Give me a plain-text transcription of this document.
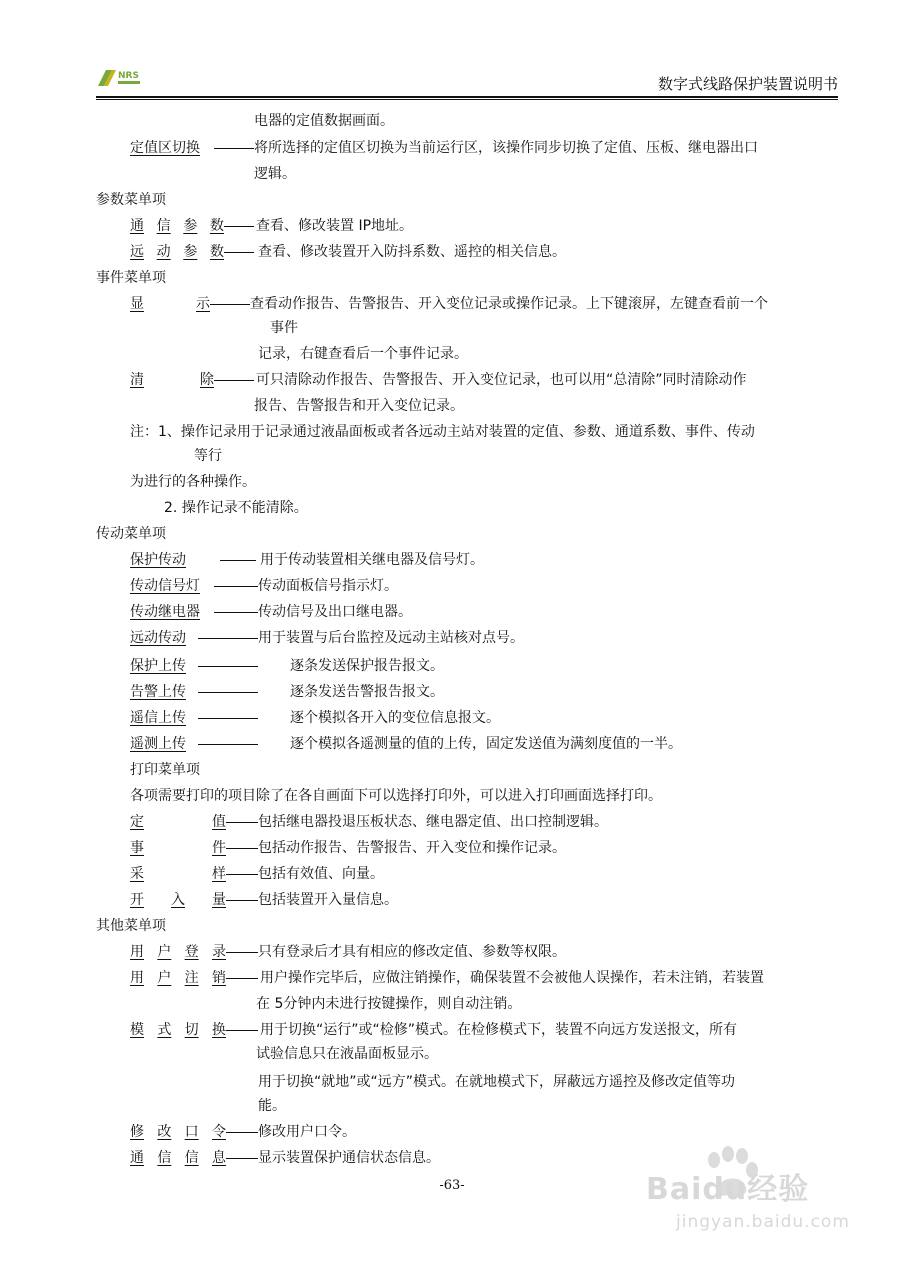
NRS	数字式线路保护装置说明书
电器的定值数据画面。
定值区切换	将所选择的定值区切换为当前运行区，该操作同步切换了定值、压板、继电器出口
逻辑。
参数菜单项
通 信 参 数 查看、修改装置 IP地址。
远 动 参 数 查看、修改装置开入防抖系数、遥控的相关信息。
事件菜单项
显	示	查看动作报告、告警报告、开入变位记录或操作记录。上下键滚屏，左键查看前一个
事件
记录，右键查看后一个事件记录。
清	除	可只清除动作报告、告警报告、开入变位记录，也可以用“总清除”同时清除动作
报告、告警报告和开入变位记录。
注：1、操作记录用于记录通过液晶面板或者各远动主站对装置的定值、参数、通道系数、事件、传动
等行
为进行的各种操作。
2. 操作记录不能清除。
传动菜单项
保护传动	用于传动装置相关继电器及信号灯。
传动信号灯	传动面板信号指示灯。
传动继电器	传动信号及出口继电器。
远动传动	用于装置与后台监控及远动主站核对点号。
保护上传	逐条发送保护报告报文。
告警上传	逐条发送告警报告报文。
遥信上传	逐个模拟各开入的变位信息报文。
遥测上传	逐个模拟各遥测量的值的上传，固定发送值为满刻度值的一半。
打印菜单项
各项需要打印的项目除了在各自画面下可以选择打印外，可以进入打印画面选择打印。
定	值 包括继电器投退压板状态、继电器定值、出口控制逻辑。
事	件 包括动作报告、告警报告、开入变位和操作记录。
采	样 包括有效值、向量。
开 入 量 包括装置开入量信息。
其他菜单项
用 户 登 录 只有登录后才具有相应的修改定值、参数等权限。
用 户 注 销 用户操作完毕后，应做注销操作，确保装置不会被他人误操作，若未注销，若装置
在 5分钟内未进行按键操作，则自动注销。
模 式 切 换 用于切换“运行”或“检修”模式。在检修模式下，装置不向远方发送报文，所有
试验信息只在液晶面板显示。
用于切换“就地”或“远方”模式。在就地模式下，屏蔽远方遥控及修改定值等功
能。
修 改 口 令 修改用户口令。
通 信 信 息 显示装置保护通信状态信息。
-63-	Baidu经验
jingyan.baidu.com
